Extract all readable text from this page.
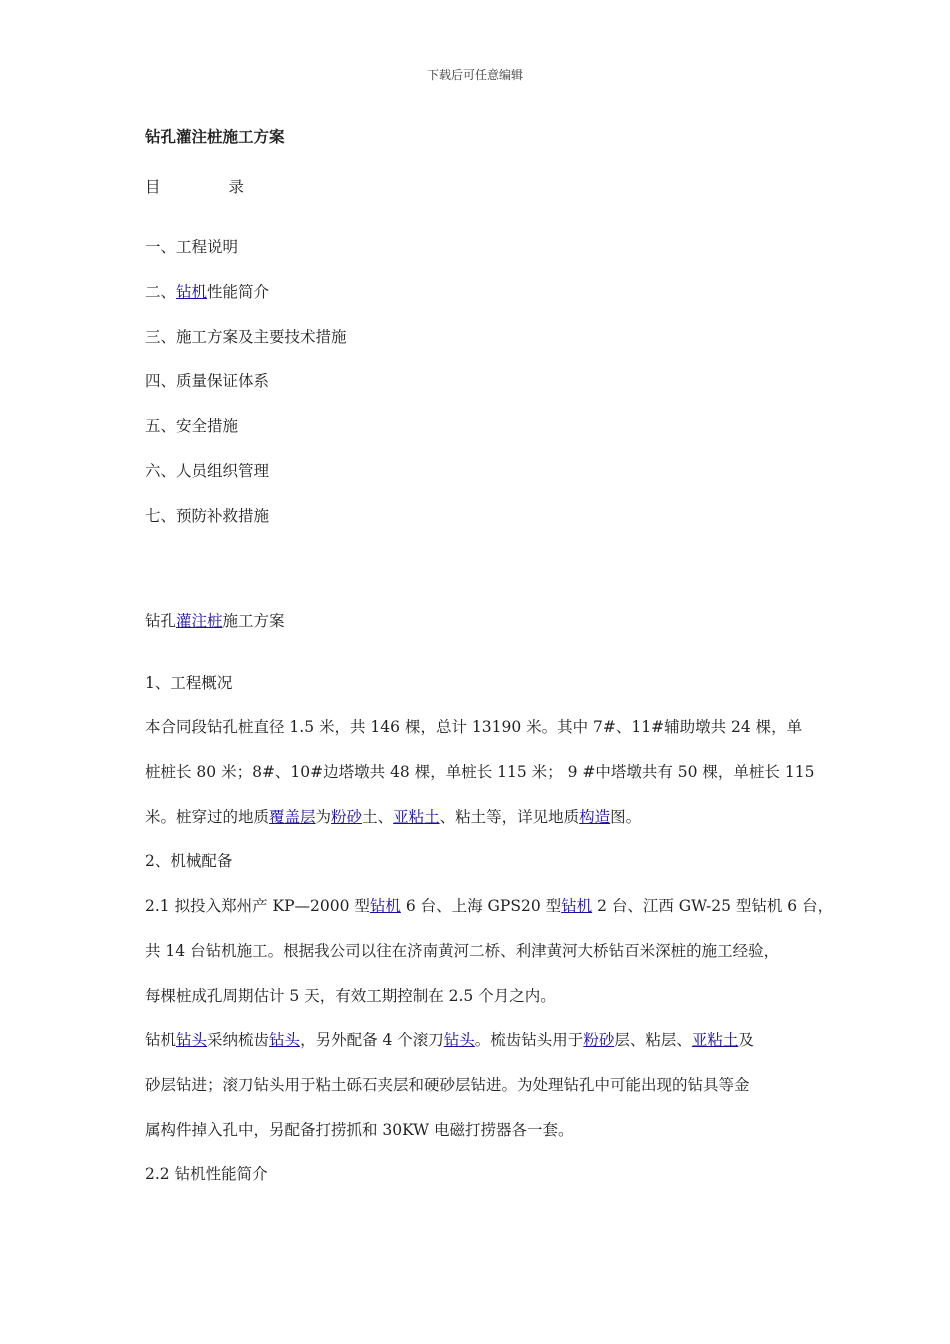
下载后可任意编辑
钻孔灌注桩施工方案
目	录
一、工程说明
二、钻机性能简介
三、施工方案及主要技术措施
四、质量保证体系
五、安全措施
六、人员组织管理
七、预防补救措施
钻孔灌注桩施工方案
1、工程概况
本合同段钻孔桩直径 1.5 米，共 146 棵，总计 13190 米。其中 7#、11#辅助墩共 24 棵，单
桩桩长 80 米；8#、10#边塔墩共 48 棵，单桩长 115 米； 9 #中塔墩共有 50 棵，单桩长 115
米。桩穿过的地质覆盖层为粉砂土、亚粘土、粘土等，详见地质构造图。
2、机械配备
2.1 拟投入郑州产 KP—2000 型钻机 6 台、上海 GPS20 型钻机 2 台、江西 GW-25 型钻机 6 台，
共 14 台钻机施工。根据我公司以往在济南黄河二桥、利津黄河大桥钻百米深桩的施工经验，
每棵桩成孔周期估计 5 天，有效工期控制在 2.5 个月之内。
钻机钻头采纳梳齿钻头，另外配备 4 个滚刀钻头。梳齿钻头用于粉砂层、粘层、亚粘土及
砂层钻进；滚刀钻头用于粘土砾石夹层和硬砂层钻进。为处理钻孔中可能出现的钻具等金
属构件掉入孔中，另配备打捞抓和 30KW 电磁打捞器各一套。
2.2 钻机性能简介
